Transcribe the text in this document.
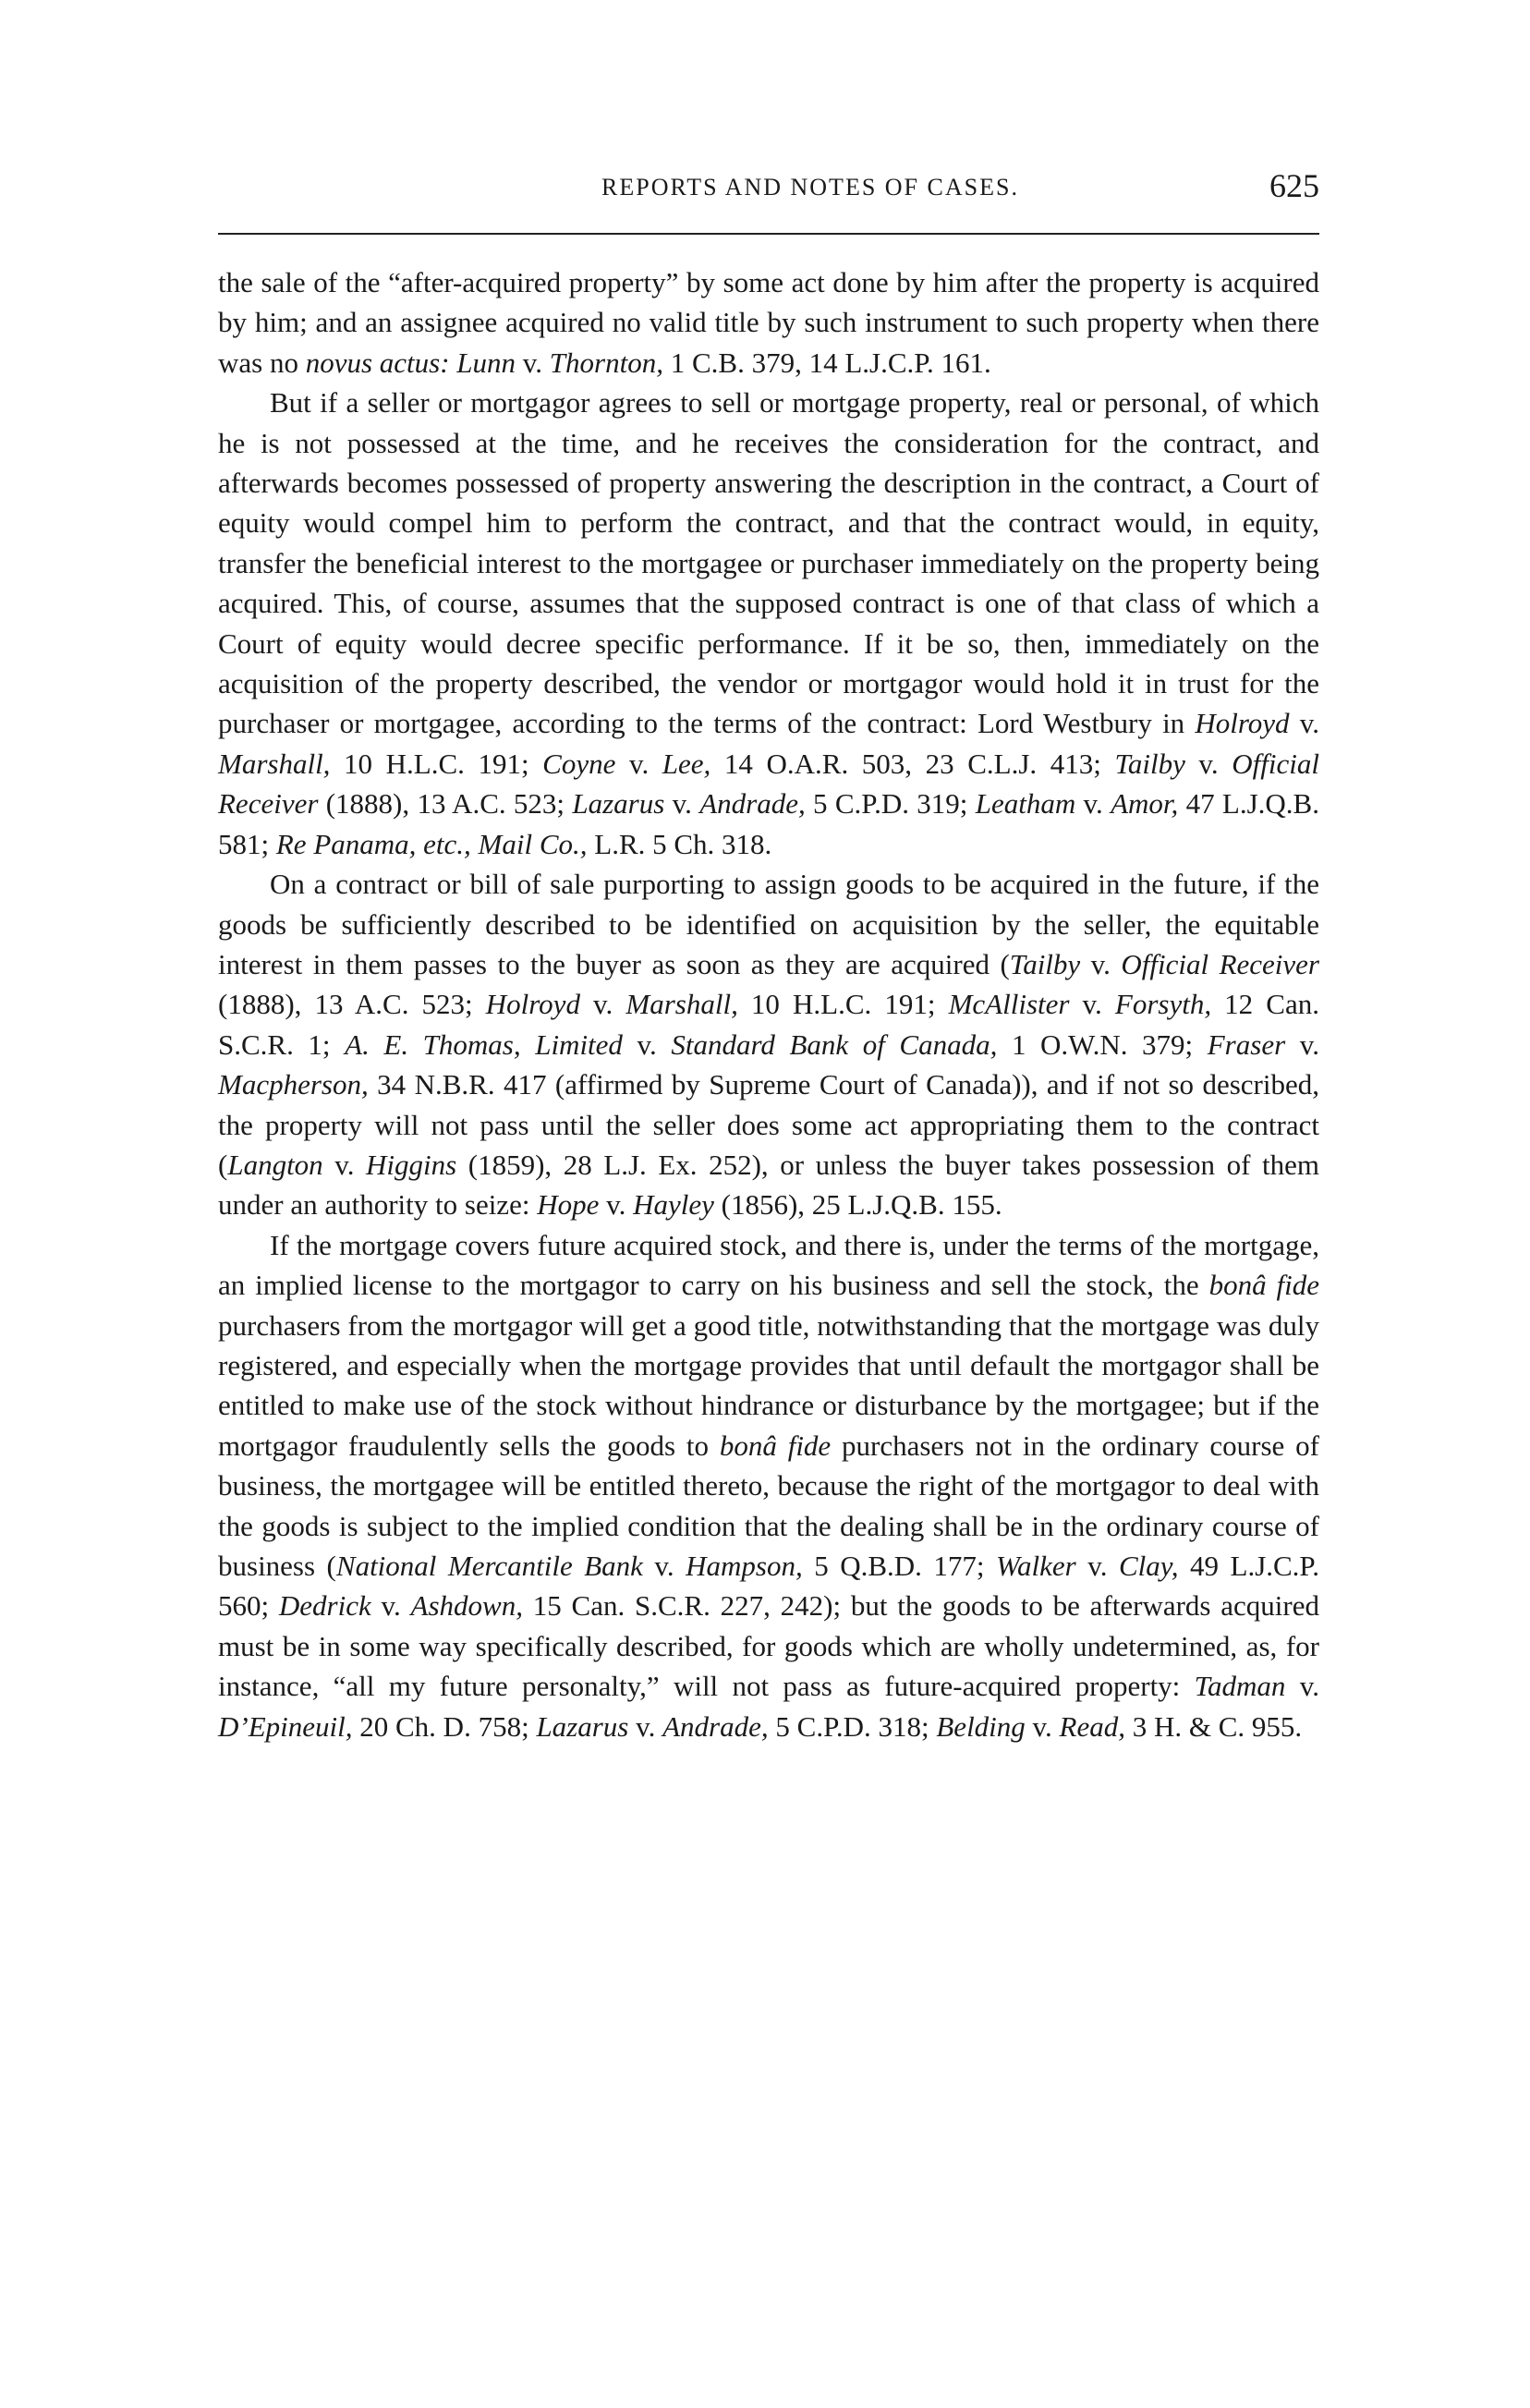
REPORTS AND NOTES OF CASES.	625

the sale of the “after-acquired property” by some act done by him after the property is acquired by him; and an assignee acquired no valid title by such instrument to such property when there was no novus actus: Lunn v. Thornton, 1 C.B. 379, 14 L.J.C.P. 161.

But if a seller or mortgagor agrees to sell or mortgage property, real or personal, of which he is not possessed at the time, and he receives the consideration for the contract, and afterwards becomes possessed of property answering the description in the contract, a Court of equity would compel him to perform the contract, and that the contract would, in equity, transfer the beneficial interest to the mortgagee or purchaser immediately on the property being acquired. This, of course, assumes that the supposed contract is one of that class of which a Court of equity would decree specific performance. If it be so, then, immediately on the acquisition of the property described, the vendor or mortgagor would hold it in trust for the purchaser or mortgagee, according to the terms of the contract: Lord Westbury in Holroyd v. Marshall, 10 H.L.C. 191; Coyne v. Lee, 14 O.A.R. 503, 23 C.L.J. 413; Tailby v. Official Receiver (1888), 13 A.C. 523; Lazarus v. Andrade, 5 C.P.D. 319; Leatham v. Amor, 47 L.J.Q.B. 581; Re Panama, etc., Mail Co., L.R. 5 Ch. 318.

On a contract or bill of sale purporting to assign goods to be acquired in the future, if the goods be sufficiently described to be identified on acquisition by the seller, the equitable interest in them passes to the buyer as soon as they are acquired (Tailby v. Official Receiver (1888), 13 A.C. 523; Holroyd v. Marshall, 10 H.L.C. 191; McAllister v. Forsyth, 12 Can. S.C.R. 1; A. E. Thomas, Limited v. Standard Bank of Canada, 1 O.W.N. 379; Fraser v. Macpherson, 34 N.B.R. 417 (affirmed by Supreme Court of Canada)), and if not so described, the property will not pass until the seller does some act appropriating them to the contract (Langton v. Higgins (1859), 28 L.J. Ex. 252), or unless the buyer takes possession of them under an authority to seize: Hope v. Hayley (1856), 25 L.J.Q.B. 155.

If the mortgage covers future acquired stock, and there is, under the terms of the mortgage, an implied license to the mortgagor to carry on his business and sell the stock, the bonâ fide purchasers from the mortgagor will get a good title, notwithstanding that the mortgage was duly registered, and especially when the mortgage provides that until default the mortgagor shall be entitled to make use of the stock without hindrance or disturbance by the mortgagee; but if the mortgagor fraudulently sells the goods to bonâ fide purchasers not in the ordinary course of business, the mortgagee will be entitled thereto, because the right of the mortgagor to deal with the goods is subject to the implied condition that the dealing shall be in the ordinary course of business (National Mercantile Bank v. Hampson, 5 Q.B.D. 177; Walker v. Clay, 49 L.J.C.P. 560; Dedrick v. Ashdown, 15 Can. S.C.R. 227, 242); but the goods to be afterwards acquired must be in some way specifically described, for goods which are wholly undetermined, as, for instance, “all my future personalty,” will not pass as future-acquired property: Tadman v. D’Epineuil, 20 Ch. D. 758; Lazarus v. Andrade, 5 C.P.D. 318; Belding v. Read, 3 H. & C. 955.
